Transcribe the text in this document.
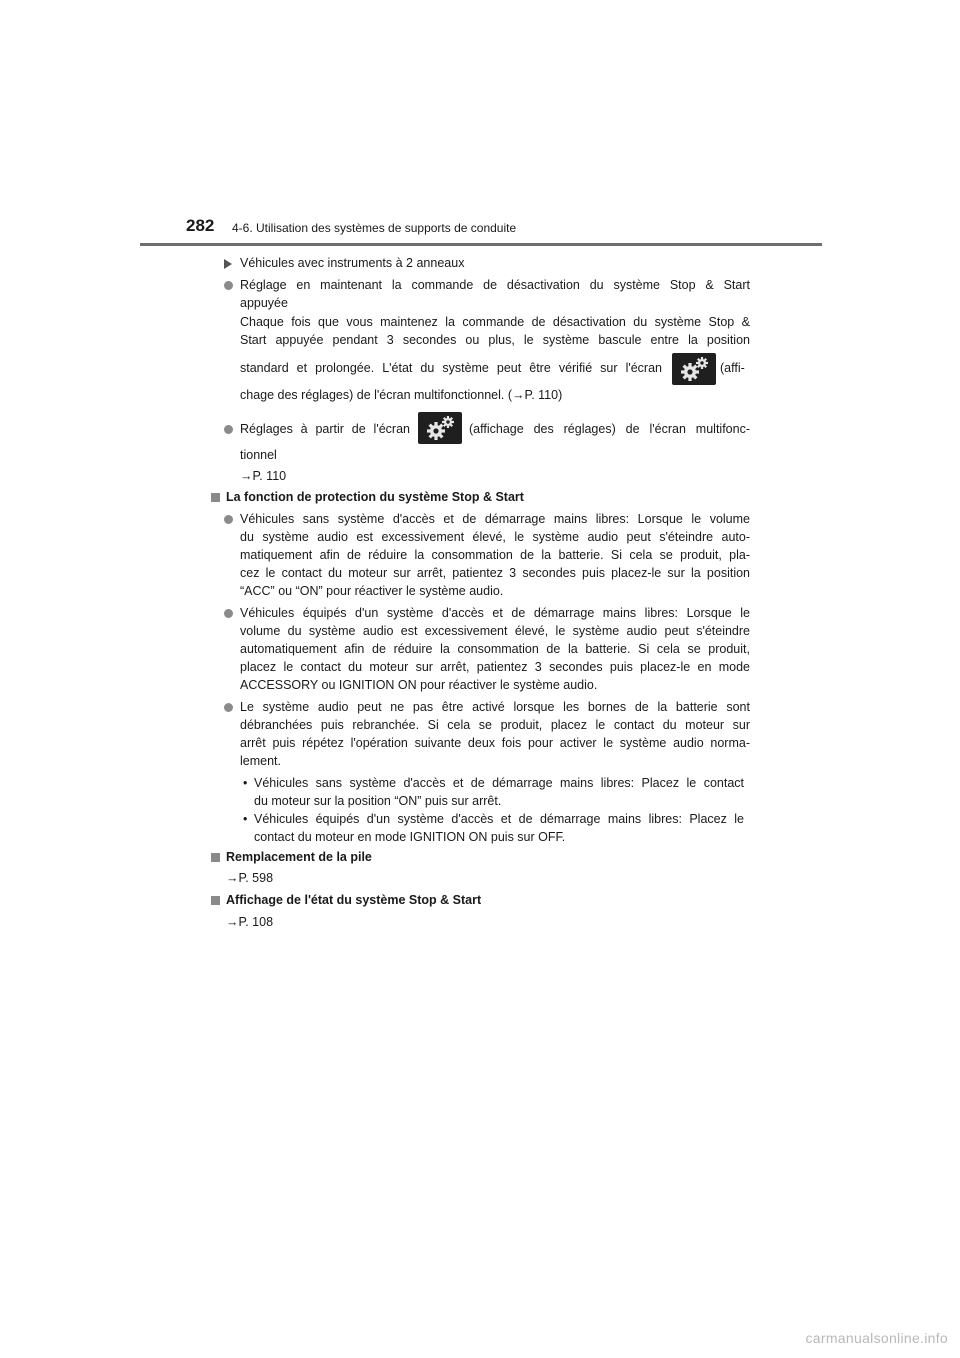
282 4-6. Utilisation des systèmes de supports de conduite
Véhicules avec instruments à 2 anneaux
Réglage en maintenant la commande de désactivation du système Stop & Start
appuyée
Chaque fois que vous maintenez la commande de désactivation du système Stop &
Start appuyée pendant 3 secondes ou plus, le système bascule entre la position
standard et prolongée. L'état du système peut être vérifié sur l'écran	(affi-
chage des réglages) de l'écran multifonctionnel. (→P. 110)
Réglages à partir de l'écran	(affichage des réglages) de l'écran multifonc-
tionnel
→P. 110
La fonction de protection du système Stop & Start
Véhicules sans système d'accès et de démarrage mains libres: Lorsque le volume
du système audio est excessivement élevé, le système audio peut s'éteindre auto-
matiquement afin de réduire la consommation de la batterie. Si cela se produit, pla-
cez le contact du moteur sur arrêt, patientez 3 secondes puis placez-le sur la position
“ACC” ou “ON” pour réactiver le système audio.
Véhicules équipés d'un système d'accès et de démarrage mains libres: Lorsque le
volume du système audio est excessivement élevé, le système audio peut s'éteindre
automatiquement afin de réduire la consommation de la batterie. Si cela se produit,
placez le contact du moteur sur arrêt, patientez 3 secondes puis placez-le en mode
ACCESSORY ou IGNITION ON pour réactiver le système audio.
Le système audio peut ne pas être activé lorsque les bornes de la batterie sont
débranchées puis rebranchée. Si cela se produit, placez le contact du moteur sur
arrêt puis répétez l'opération suivante deux fois pour activer le système audio norma-
lement.
• Véhicules sans système d'accès et de démarrage mains libres: Placez le contact
du moteur sur la position “ON” puis sur arrêt.
• Véhicules équipés d'un système d'accès et de démarrage mains libres: Placez le
contact du moteur en mode IGNITION ON puis sur OFF.
Remplacement de la pile
→P. 598
Affichage de l'état du système Stop & Start
→P. 108
carmanualsonline.info
